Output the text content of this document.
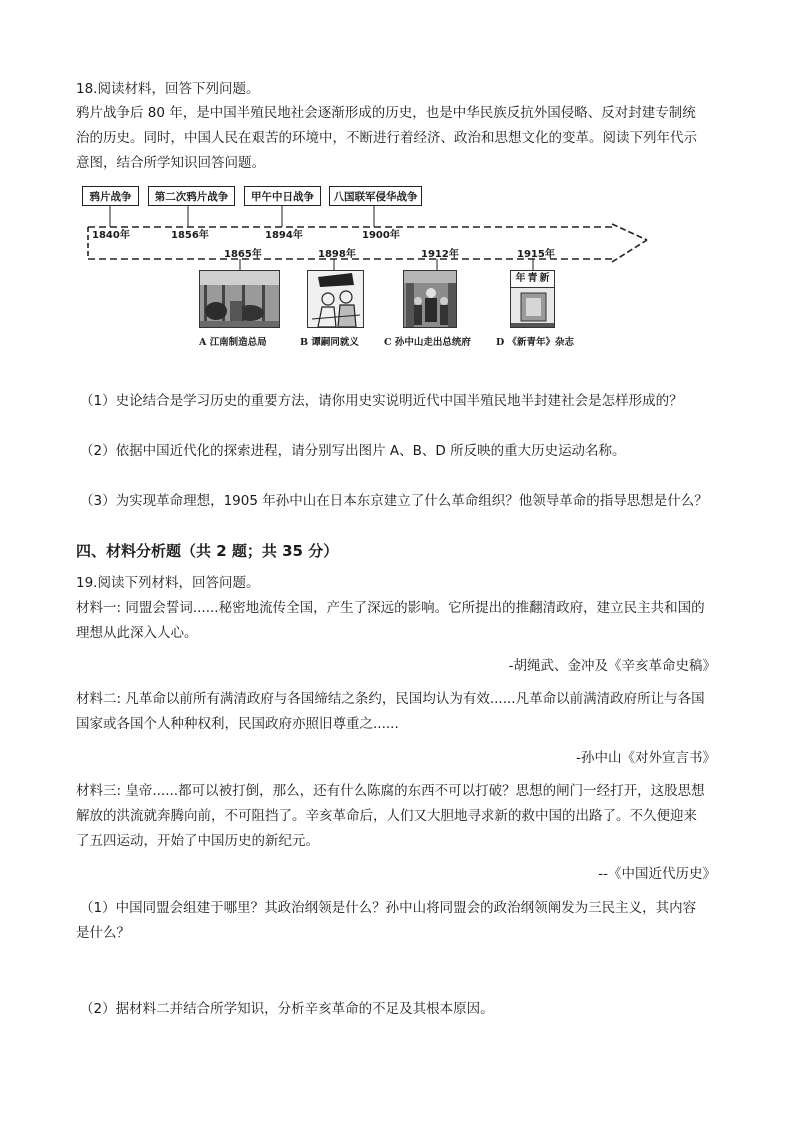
18.阅读材料，回答下列问题。
鸦片战争后 80 年，是中国半殖民地社会逐渐形成的历史，也是中华民族反抗外国侵略、反对封建专制统
治的历史。同时，中国人民在艰苦的环境中，不断进行着经济、政治和思想文化的变革。阅读下列年代示
意图，结合所学知识回答问题。
鸦片战争	第二次鸦片战争	甲午中日战争	八国联军侵华战争
1840年	1856年	1894年	1900年
1865年	1898年	1912年	1915年
年青新
A 江南制造总局	B 谭嗣同就义	C 孙中山走出总统府	D 《新青年》杂志
（1）史论结合是学习历史的重要方法，请你用史实说明近代中国半殖民地半封建社会是怎样形成的？
（2）依据中国近代化的探索进程，请分别写出图片 A、B、D 所反映的重大历史运动名称。
（3）为实现革命理想，1905 年孙中山在日本东京建立了什么革命组织？他领导革命的指导思想是什么？
四、材料分析题（共 2 题；共 35 分）
19.阅读下列材料，回答问题。
材料一: 同盟会誓词......秘密地流传全国，产生了深远的影响。它所提出的推翻清政府，建立民主共和国的
理想从此深入人心。
-胡绳武、金冲及《辛亥革命史稿》
材料二: 凡革命以前所有满清政府与各国缔结之条约，民国均认为有效......凡革命以前满清政府所让与各国
国家或各国个人种种权利，民国政府亦照旧尊重之......
-孙中山《对外宣言书》
材料三: 皇帝......都可以被打倒，那么，还有什么陈腐的东西不可以打破？思想的闸门一经打开，这股思想
解放的洪流就奔腾向前，不可阻挡了。辛亥革命后，人们又大胆地寻求新的救中国的出路了。不久便迎来
了五四运动，开始了中国历史的新纪元。
--《中国近代历史》
（1）中国同盟会组建于哪里？其政治纲领是什么？孙中山将同盟会的政治纲领阐发为三民主义，其内容
是什么？
（2）据材料二并结合所学知识，分析辛亥革命的不足及其根本原因。
